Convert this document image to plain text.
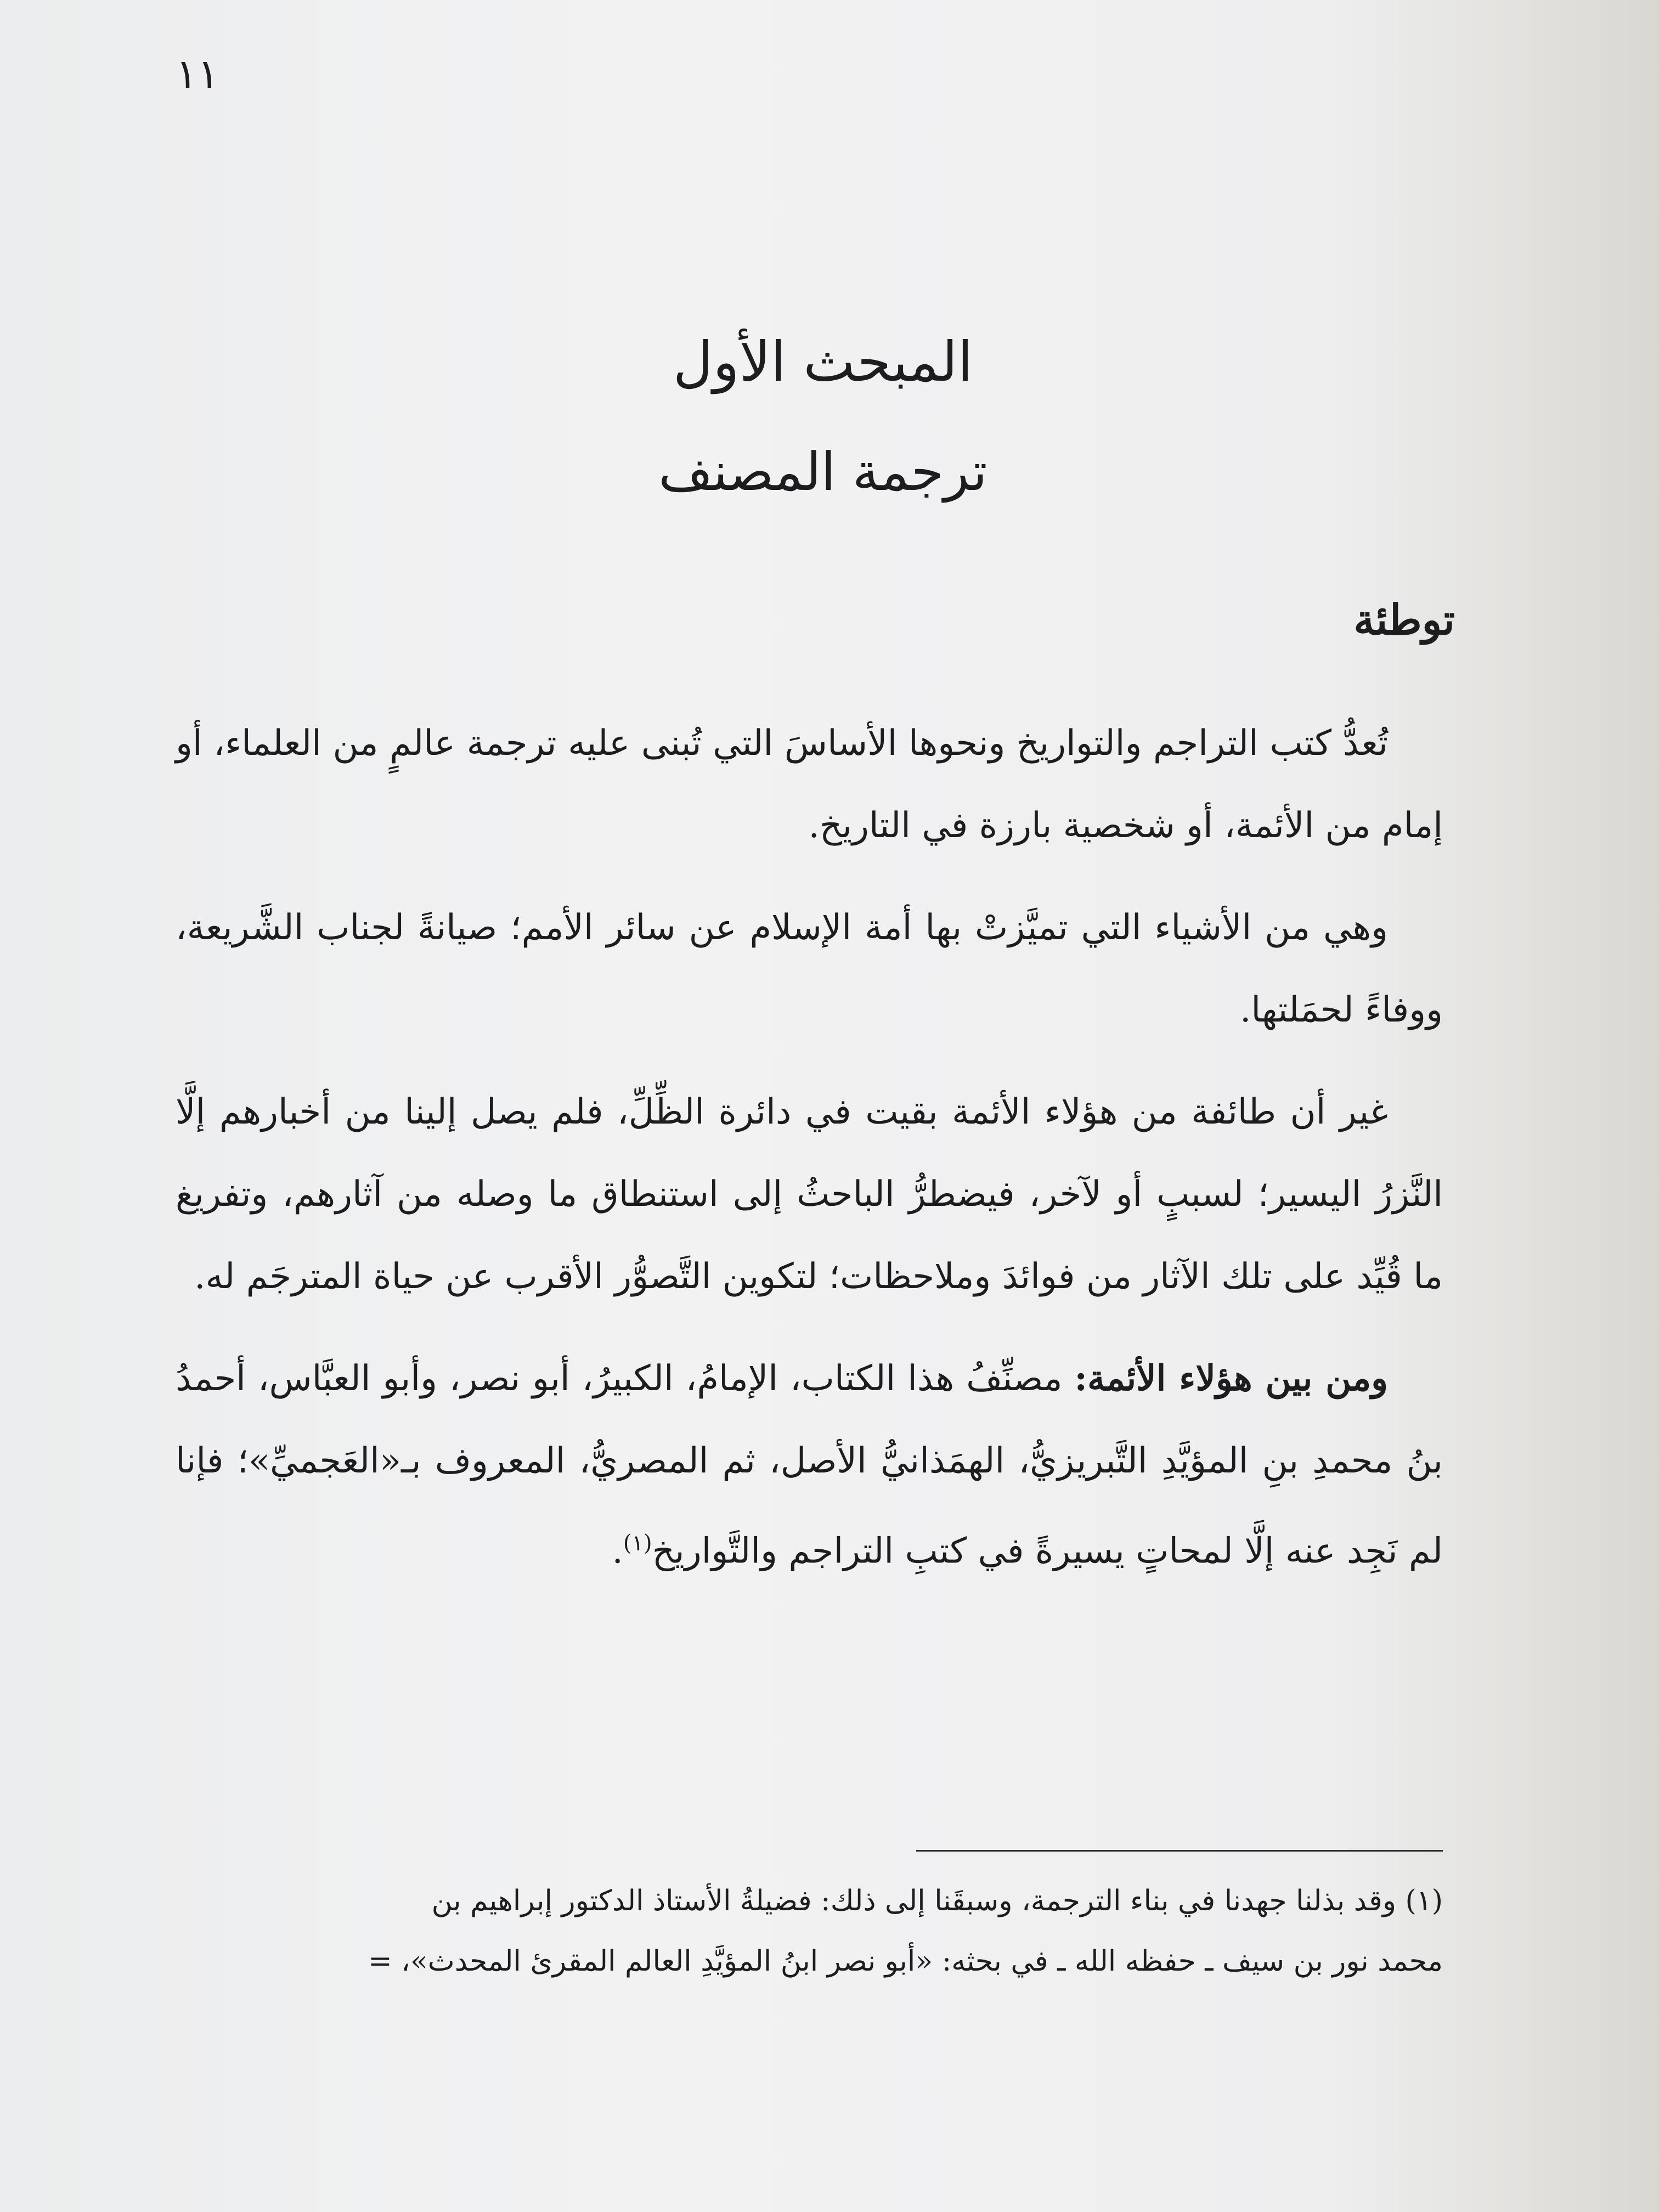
١١
المبحث الأول
ترجمة المصنف
توطئة

تُعدُّ كتب التراجم والتواريخ ونحوها الأساسَ التي تُبنى عليه ترجمة عالمٍ من العلماء، أو إمام من الأئمة، أو شخصية بارزة في التاريخ.

وهي من الأشياء التي تميَّزتْ بها أمة الإسلام عن سائر الأمم؛ صيانةً لجناب الشَّريعة، ووفاءً لحمَلتها.

غير أن طائفة من هؤلاء الأئمة بقيت في دائرة الظِّلِّ، فلم يصل إلينا من أخبارهم إلَّا النَّزرُ اليسير؛ لسببٍ أو لآخر، فيضطرُّ الباحثُ إلى استنطاق ما وصله من آثارهم، وتفريغ ما قُيِّد على تلك الآثار من فوائدَ وملاحظات؛ لتكوين التَّصوُّر الأقرب عن حياة المترجَم له.

ومن بين هؤلاء الأئمة: مصنِّفُ هذا الكتاب، الإمامُ، الكبيرُ، أبو نصر، وأبو العبَّاس، أحمدُ بنُ محمدِ بنِ المؤيَّدِ التَّبريزيُّ، الهمَذانيُّ الأصل، ثم المصريُّ، المعروف بـ«العَجميِّ»؛ فإنا لم نَجِد عنه إلَّا لمحاتٍ يسيرةً في كتبِ التراجم والتَّواريخ$^{(١)}$.

(١) وقد بذلنا جهدنا في بناء الترجمة، وسبقَنا إلى ذلك: فضيلةُ الأستاذ الدكتور إبراهيم بن

محمد نور بن سيف ـ حفظه الله ـ في بحثه: «أبو نصر ابنُ المؤيَّدِ العالم المقرئ المحدث»، =
